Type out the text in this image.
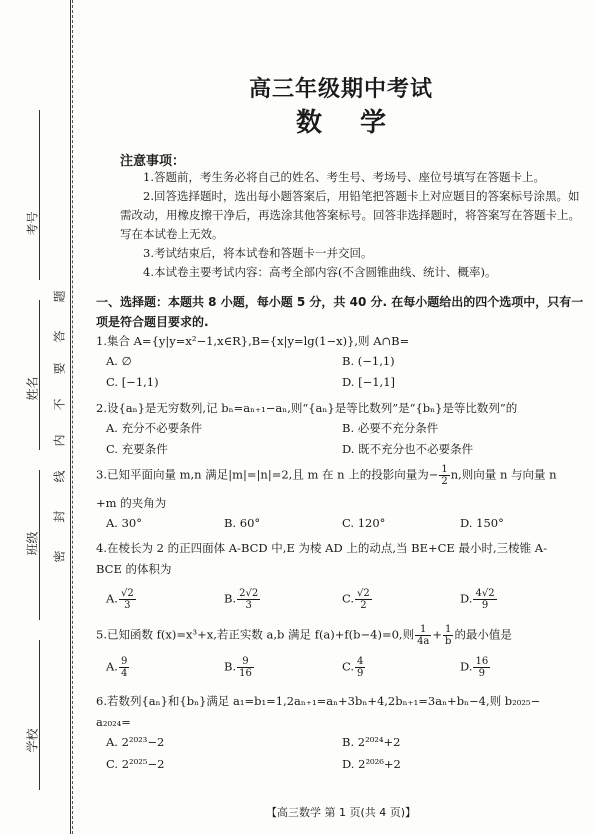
考号
姓名
班级
学校
题
答
要
不
内
线
封
密
高三年级期中考试
数学
注意事项：

1.答题前，考生务必将自己的姓名、考生号、考场号、座位号填写在答题卡上。

2.回答选择题时，选出每小题答案后，用铅笔把答题卡上对应题目的答案标号涂黑。如需改动，用橡皮擦干净后，再选涂其他答案标号。回答非选择题时，将答案写在答题卡上。写在本试卷上无效。

3.考试结束后，将本试卷和答题卡一并交回。

4.本试卷主要考试内容：高考全部内容(不含圆锥曲线、统计、概率)。

一、选择题：本题共 8 小题，每小题 5 分，共 40 分. 在每小题给出的四个选项中，只有一项是符合题目要求的.
1.集合 A={y|y=x²−1,x∈R},B={x|y=lg(1−x)},则 A∩B=
A. ∅	B. (−1,1)
C. [−1,1)	D. [−1,1]
2.设{aₙ}是无穷数列,记 bₙ=aₙ₊₁−aₙ,则“{aₙ}是等比数列”是“{bₙ}是等比数列”的
A. 充分不必要条件	B. 必要不充分条件
C. 充要条件	D. 既不充分也不必要条件
3.已知平面向量 m,n 满足|m|=|n|=2,且 m 在 n 上的投影向量为− $\frac{1}{2} n$,则向量 n 与向量 n
+m 的夹角为
A. 30°	B. 60°	C. 120°	D. 150°
4.在棱长为 2 的正四面体 A-BCD 中,E 为棱 AD 上的动点,当 BE+CE 最小时,三棱锥 A-
BCE 的体积为
A. $\frac{√2}{3}$	B. $\frac{2√2}{3}$	C. $\frac{√2}{2}$	D. $\frac{4√2}{9}$
5.已知函数 f(x)=x³+x,若正实数 a,b 满足 f(a)+f(b−4)=0,则 $\frac{1}{4a} + \frac{1}{b}$ 的最小值是
A. $\frac{9}{4}$	B. $\frac{9}{16}$	C. $\frac{4}{9}$	D. $\frac{16}{9}$
6.若数列{aₙ}和{bₙ}满足 a₁=b₁=1,2aₙ₊₁=aₙ+3bₙ+4,2bₙ₊₁=3aₙ+bₙ−4,则 b₂₀₂₅−
a₂₀₂₄=
A. 2²⁰²³−2	B. 2²⁰²⁴+2
C. 2²⁰²⁵−2	D. 2²⁰²⁶+2
【高三数学 第 1 页(共 4 页)】
